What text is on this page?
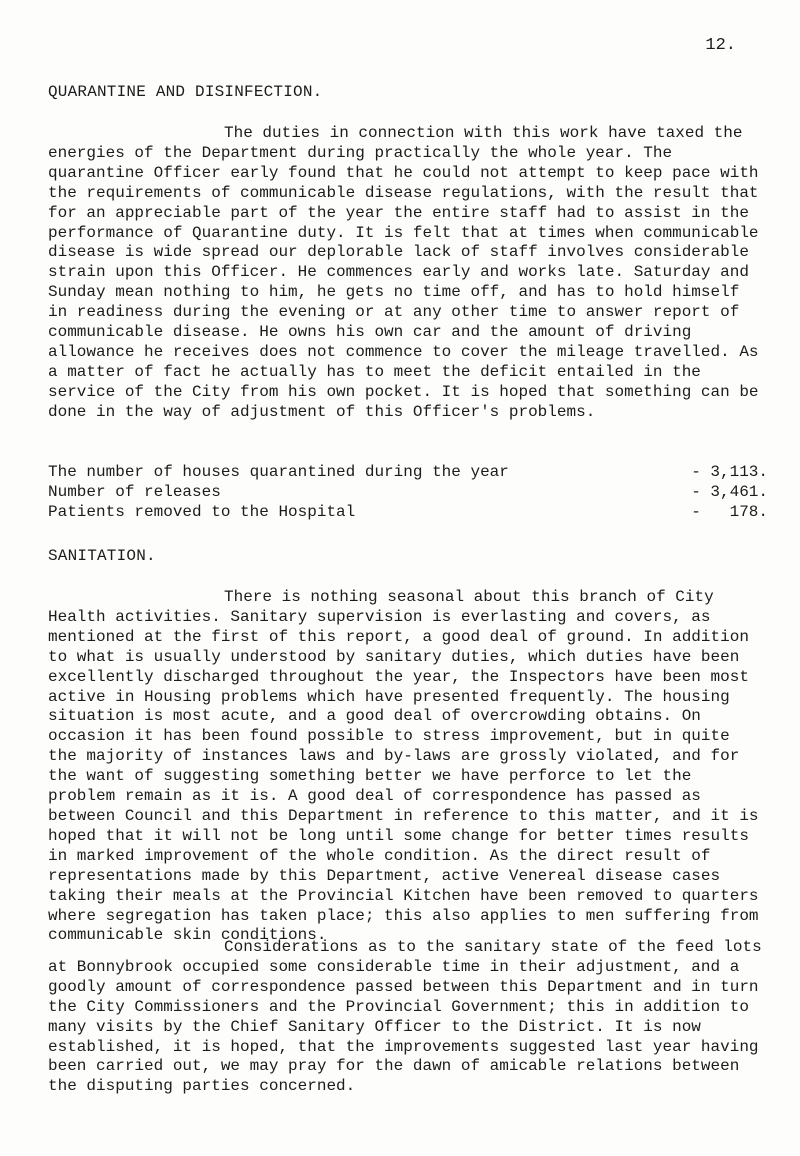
12.
QUARANTINE AND DISINFECTION.
The duties in connection with this work have taxed the energies of the Department during practically the whole year. The quarantine Officer early found that he could not attempt to keep pace with the requirements of communicable disease regulations, with the result that for an appreciable part of the year the entire staff had to assist in the performance of Quarantine duty. It is felt that at times when communicable disease is wide spread our deplorable lack of staff involves considerable strain upon this Officer. He commences early and works late. Saturday and Sunday mean nothing to him, he gets no time off, and has to hold himself in readiness during the evening or at any other time to answer report of communicable disease. He owns his own car and the amount of driving allowance he receives does not commence to cover the mileage travelled. As a matter of fact he actually has to meet the deficit entailed in the service of the City from his own pocket. It is hoped that something can be done in the way of adjustment of this Officer's problems.
The number of houses quarantined during the year	- 3,113.
Number of releases	- 3,461.
Patients removed to the Hospital	-   178.
SANITATION.
There is nothing seasonal about this branch of City Health activities. Sanitary supervision is everlasting and covers, as mentioned at the first of this report, a good deal of ground. In addition to what is usually understood by sanitary duties, which duties have been excellently discharged throughout the year, the Inspectors have been most active in Housing problems which have presented frequently. The housing situation is most acute, and a good deal of overcrowding obtains. On occasion it has been found possible to stress improvement, but in quite the majority of instances laws and by-laws are grossly violated, and for the want of suggesting something better we have perforce to let the problem remain as it is. A good deal of correspondence has passed as between Council and this Department in reference to this matter, and it is hoped that it will not be long until some change for better times results in marked improvement of the whole condition. As the direct result of representations made by this Department, active Venereal disease cases taking their meals at the Provincial Kitchen have been removed to quarters where segregation has taken place; this also applies to men suffering from communicable skin conditions.
Considerations as to the sanitary state of the feed lots at Bonnybrook occupied some considerable time in their adjustment, and a goodly amount of correspondence passed between this Department and in turn the City Commissioners and the Provincial Government; this in addition to many visits by the Chief Sanitary Officer to the District. It is now established, it is hoped, that the improvements suggested last year having been carried out, we may pray for the dawn of amicable relations between the disputing parties concerned.
